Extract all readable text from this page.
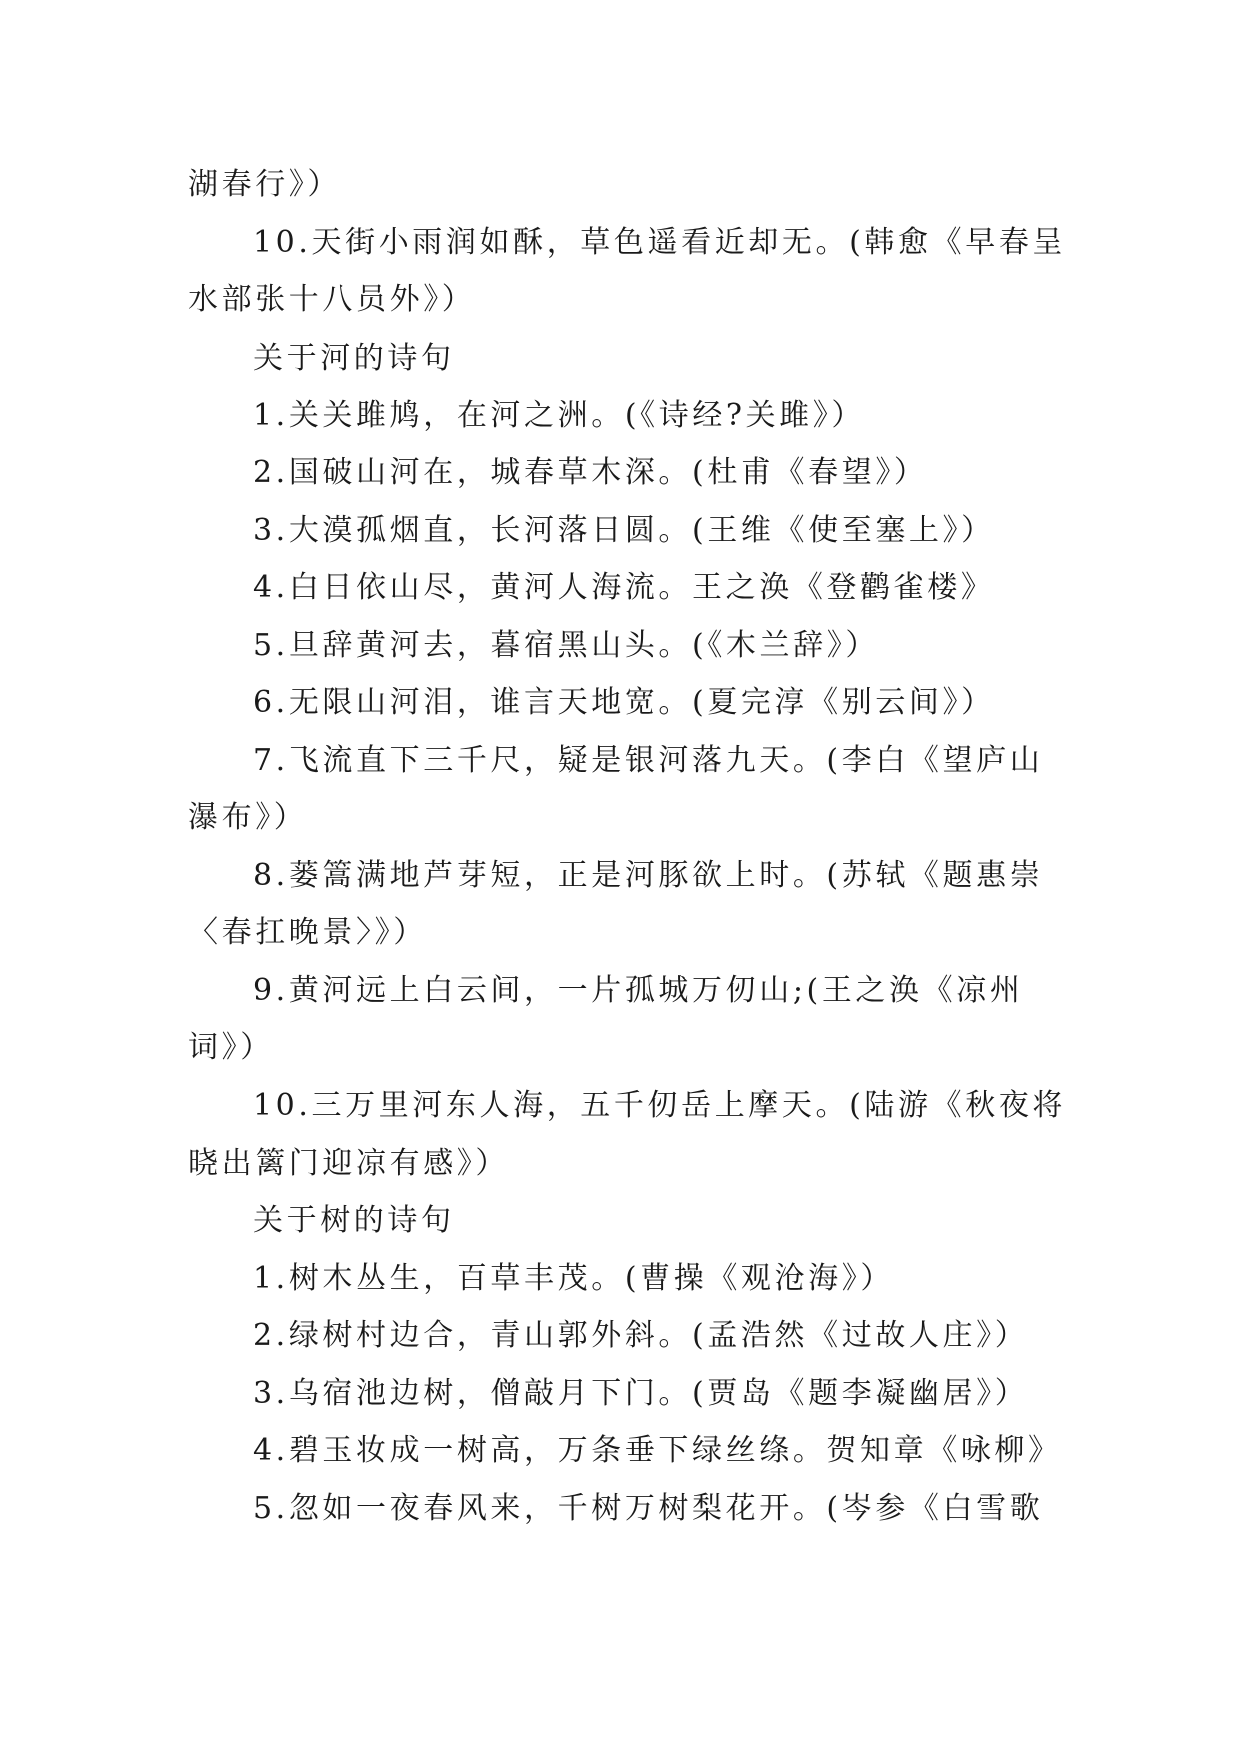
湖春行》）
10.天街小雨润如酥，草色遥看近却无。(韩愈《早春呈
水部张十八员外》）
关于河的诗句
1.关关雎鸠，在河之洲。(《诗经?关雎》）
2.国破山河在，城春草木深。(杜甫《春望》）
3.大漠孤烟直，长河落日圆。(王维《使至塞上》）
4.白日依山尽，黄河人海流。王之涣《登鹳雀楼》
5.旦辞黄河去，暮宿黑山头。(《木兰辞》）
6.无限山河泪，谁言天地宽。(夏完淳《别云间》）
7.飞流直下三千尺，疑是银河落九天。(李白《望庐山
瀑布》）
8.蒌篙满地芦芽短，正是河豚欲上时。(苏轼《题惠崇
〈春扛晚景〉》）
9.黄河远上白云间，一片孤城万仞山;(王之涣《凉州
词》）
10.三万里河东人海，五千仞岳上摩天。(陆游《秋夜将
晓出篱门迎凉有感》）
关于树的诗句
1.树木丛生，百草丰茂。(曹操《观沧海》）
2.绿树村边合，青山郭外斜。(孟浩然《过故人庄》）
3.乌宿池边树，僧敲月下门。(贾岛《题李凝幽居》）
4.碧玉妆成一树高，万条垂下绿丝绦。贺知章《咏柳》
5.忽如一夜春风来，千树万树梨花开。(岑参《白雪歌
